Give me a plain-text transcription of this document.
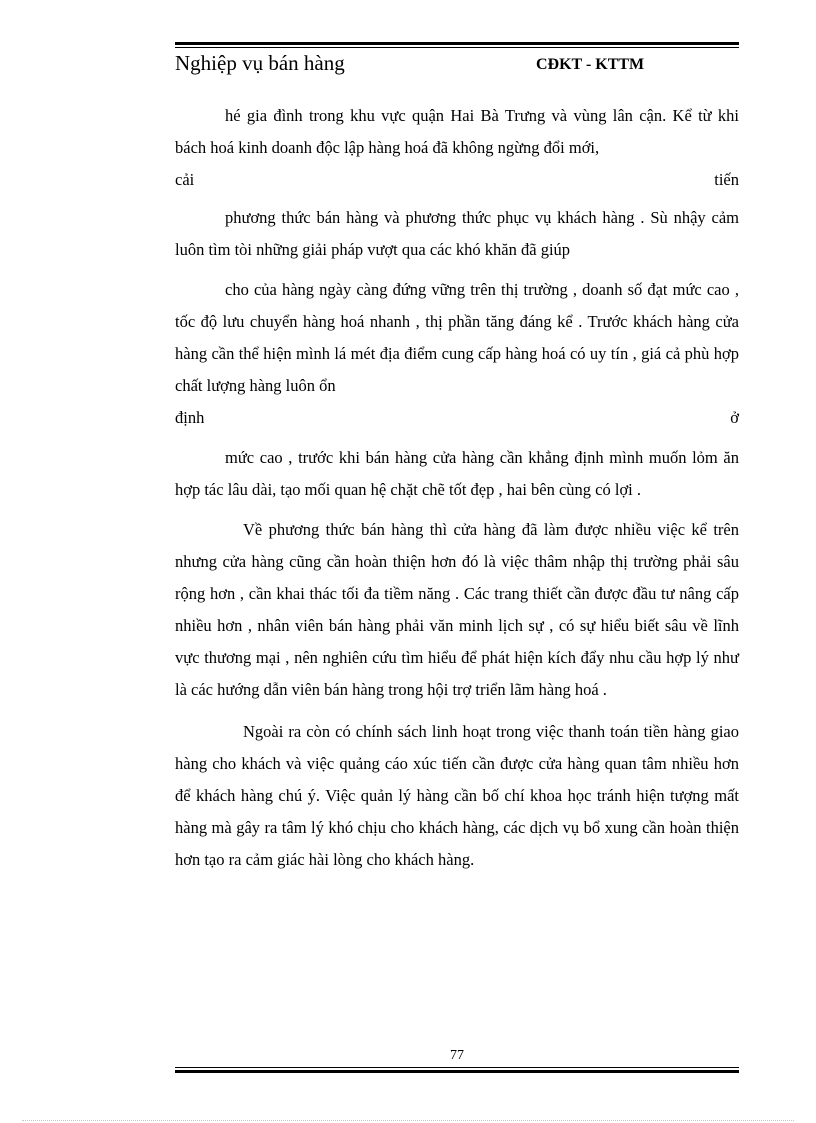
Nghiệp vụ bán hàng	CĐKT - KTTM

hé gia đình trong khu vực quận Hai Bà Trưng và vùng lân cận. Kể từ khi bách hoá kinh doanh độc lập hàng hoá đã không ngừng đổi mới,

cải	tiến

phương thức bán hàng và phương thức phục vụ khách hàng . Sù nhậy cảm luôn tìm tòi những giải pháp vượt qua các khó khăn đã giúp

cho của hàng ngày càng đứng vững trên thị trường , doanh số đạt mức cao , tốc độ lưu chuyển hàng hoá nhanh , thị phần tăng đáng kể . Trước khách hàng cửa hàng cần thể hiện mình lá mét địa điểm cung cấp hàng hoá có uy tín , giá cả phù hợp chất lượng hàng luôn ổn

định	ở

mức cao , trước khi bán hàng cửa hàng cần khẳng định mình muốn lỏm ăn hợp tác lâu dài, tạo mối quan hệ chặt chẽ tốt đẹp , hai bên cùng có lợi .

Về phương thức bán hàng thì cửa hàng đã làm được nhiều việc kể trên nhưng cửa hàng cũng cần hoàn thiện hơn đó là việc thâm nhập thị trường phải sâu rộng hơn , cần khai thác tối đa tiềm năng . Các trang thiết cần được đầu tư nâng cấp nhiều hơn , nhân viên bán hàng phải văn minh lịch sự , có sự hiểu biết sâu về lĩnh vực thương mại , nên nghiên cứu tìm hiểu để phát hiện kích đẩy nhu cầu hợp lý như là các hướng dẫn viên bán hàng trong hội trợ triển lãm hàng hoá .

Ngoài ra còn có chính sách linh hoạt trong việc thanh toán tiền hàng giao hàng cho khách và việc quảng cáo xúc tiến cần được cửa hàng quan tâm nhiều hơn để khách hàng chú ý. Việc quản lý hàng cần bố chí khoa học tránh hiện tượng mất hàng mà gây ra tâm lý khó chịu cho khách hàng, các dịch vụ bổ xung cần hoàn thiện hơn tạo ra cảm giác hài lòng cho khách hàng.

77
